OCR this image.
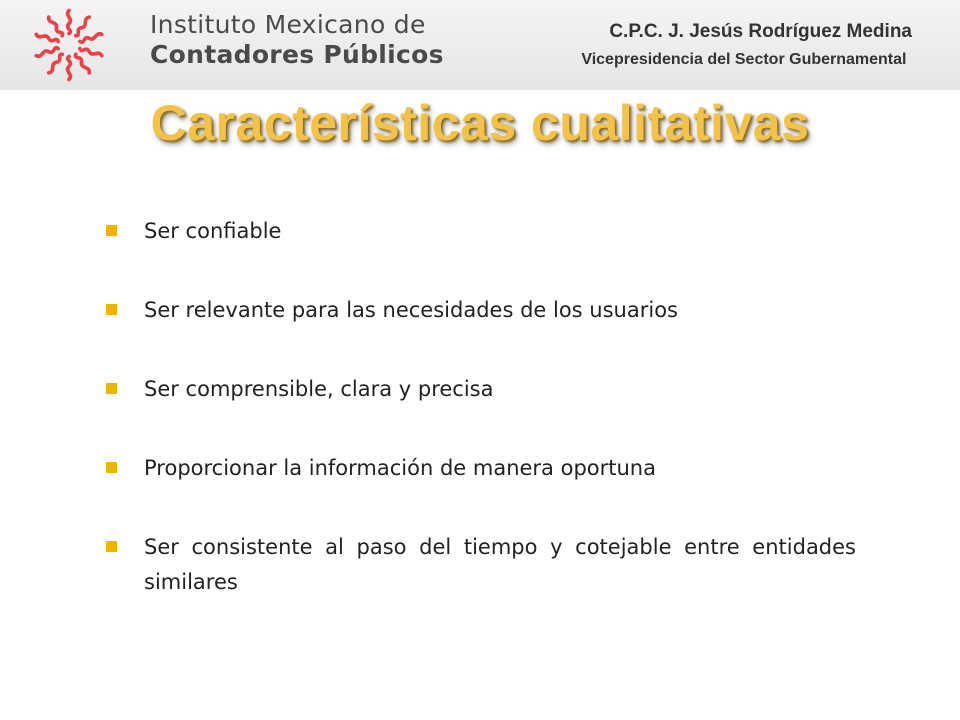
Instituto Mexicano de
Contadores Públicos
C.P.C. J. Jesús Rodríguez Medina
Vicepresidencia del Sector Gubernamental
Características cualitativas
Ser confiable
Ser relevante para las necesidades de los usuarios
Ser comprensible, clara y precisa
Proporcionar la información de manera oportuna
Ser consistente al paso del tiempo y cotejable entre entidades similares
